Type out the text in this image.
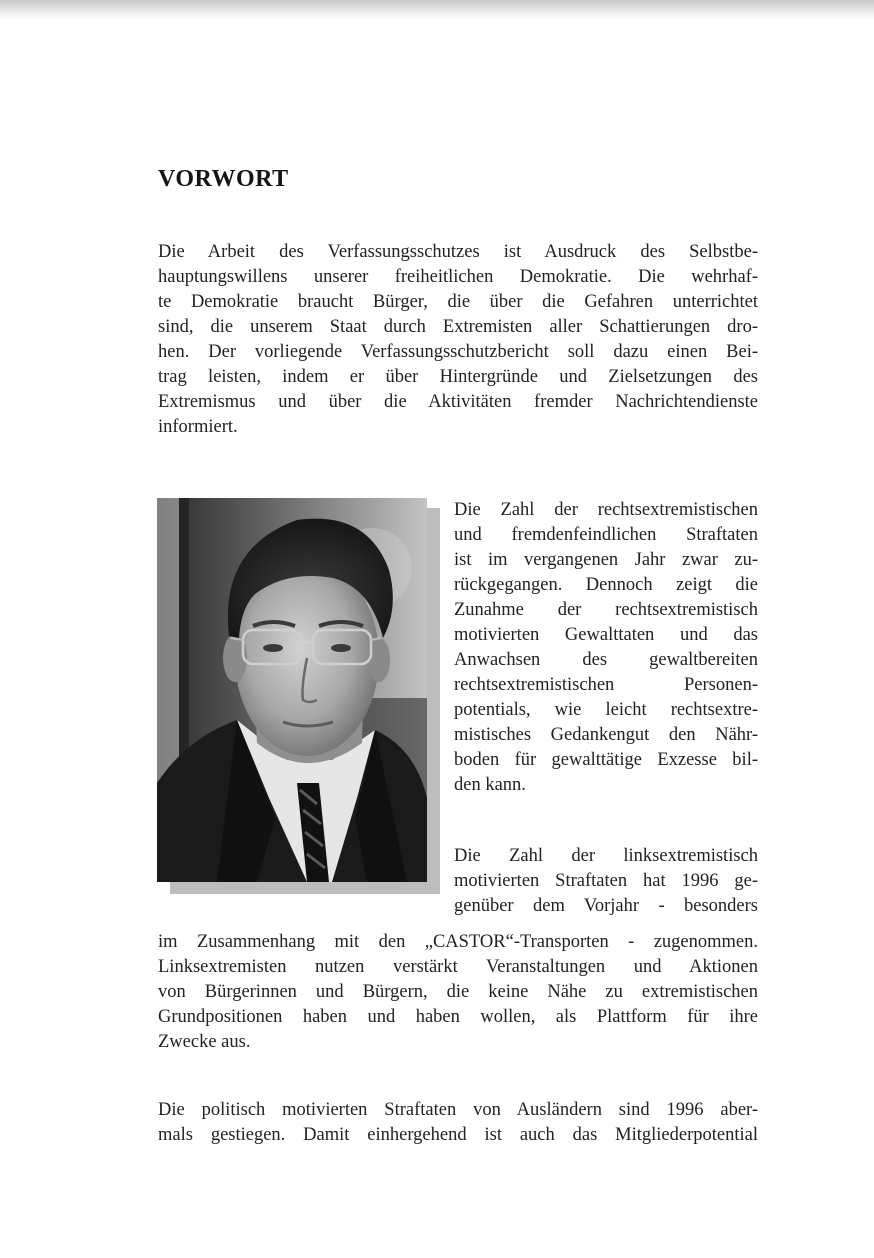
VORWORT
Die Arbeit des Verfassungsschutzes ist Ausdruck des Selbstbe-
hauptungswillens unserer freiheitlichen Demokratie. Die wehrhaf-
te Demokratie braucht Bürger, die über die Gefahren unterrichtet
sind, die unserem Staat durch Extremisten aller Schattierungen dro-
hen. Der vorliegende Verfassungsschutzbericht soll dazu einen Bei-
trag leisten, indem er über Hintergründe und Zielsetzungen des
Extremismus und über die Aktivitäten fremder Nachrichtendienste
informiert.
Die Zahl der rechtsextremistischen
und fremdenfeindlichen Straftaten
ist im vergangenen Jahr zwar zu-
rückgegangen. Dennoch zeigt die
Zunahme der rechtsextremistisch
motivierten Gewalttaten und das
Anwachsen des gewaltbereiten
rechtsextremistischen Personen-
potentials, wie leicht rechtsextre-
mistisches Gedankengut den Nähr-
boden für gewalttätige Exzesse bil-
den kann.
Die Zahl der linksextremistisch
motivierten Straftaten hat 1996 ge-
genüber dem Vorjahr - besonders
im Zusammenhang mit den „CASTOR“-Transporten - zugenommen.
Linksextremisten nutzen verstärkt Veranstaltungen und Aktionen
von Bürgerinnen und Bürgern, die keine Nähe zu extremistischen
Grundpositionen haben und haben wollen, als Plattform für ihre
Zwecke aus.
Die politisch motivierten Straftaten von Ausländern sind 1996 aber-
mals gestiegen. Damit einhergehend ist auch das Mitgliederpotential
